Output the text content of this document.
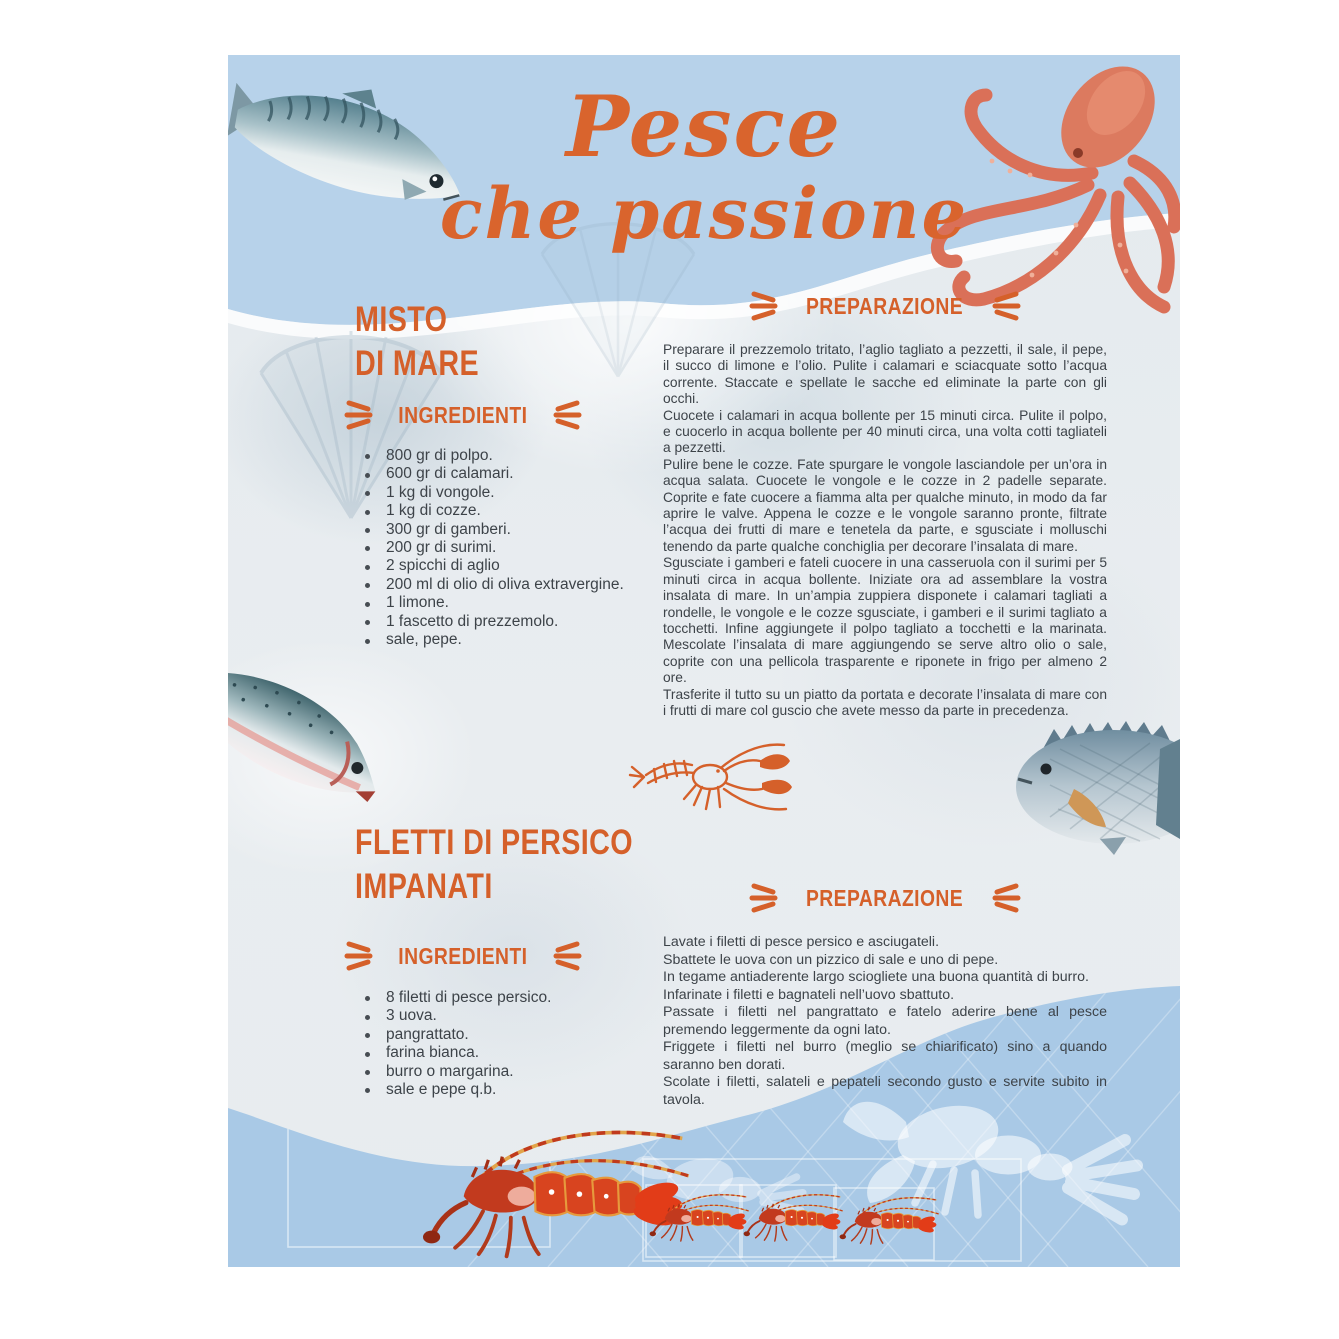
Pesce
che passione
MISTO
DI MARE
INGREDIENTI
800 gr di polpo.
600 gr di calamari.
1 kg di vongole.
1 kg di cozze.
300 gr di gamberi.
200 gr di surimi.
2 spicchi di aglio
200 ml di olio di oliva extravergine.
1 limone.
1 fascetto di prezzemolo.
sale, pepe.
PREPARAZIONE

Preparare il prezzemolo tritato, l’aglio tagliato a pezzetti, il sale, il pepe, il succo di limone e l’olio. Pulite i calamari e sciacquate sotto l’acqua corrente. Staccate e spellate le sacche ed eliminate la parte con gli occhi.

Cuocete i calamari in acqua bollente per 15 minuti circa. Pulite il polpo, e cuocerlo in acqua bollente per 40 minuti circa, una volta cotti tagliateli a pezzetti.

Pulire bene le cozze. Fate spurgare le vongole lasciandole per un’ora in acqua salata. Cuocete le vongole e le cozze in 2 padelle separate. Coprite e fate cuocere a fiamma alta per qualche minuto, in modo da far aprire le valve. Appena le cozze e le vongole saranno pronte, filtrate l’acqua dei frutti di mare e tenetela da parte, e sgusciate i molluschi tenendo da parte qualche conchiglia per decorare l’insalata di mare.

Sgusciate i gamberi e fateli cuocere in una casseruola con il surimi per 5 minuti circa in acqua bollente. Iniziate ora ad assemblare la vostra insalata di mare. In un’ampia zuppiera disponete i calamari tagliati a rondelle, le vongole e le cozze sgusciate, i gamberi e il surimi tagliato a tocchetti. Infine aggiungete il polpo tagliato a tocchetti e la marinata. Mescolate l’insalata di mare aggiungendo se serve altro olio o sale, coprite con una pellicola trasparente e riponete in frigo per almeno 2 ore.

Trasferite il tutto su un piatto da portata e decorate l’insalata di mare con i frutti di mare col guscio che avete messo da parte in precedenza.

FLETTI DI PERSICO
IMPANATI
INGREDIENTI
8 filetti di pesce persico.
3 uova.
pangrattato.
farina bianca.
burro o margarina.
sale e pepe q.b.
PREPARAZIONE

Lavate i filetti di pesce persico e asciugateli.

Sbattete le uova con un pizzico di sale e uno di pepe.

In tegame antiaderente largo sciogliete una buona quantità di burro.

Infarinate i filetti e bagnateli nell’uovo sbattuto.

Passate i filetti nel pangrattato e fatelo aderire bene al pesce premendo leggermente da ogni lato.

Friggete i filetti nel burro (meglio se chiarificato) sino a quando saranno ben dorati.

Scolate i filetti, salateli e pepateli secondo gusto e servite subito in tavola.
